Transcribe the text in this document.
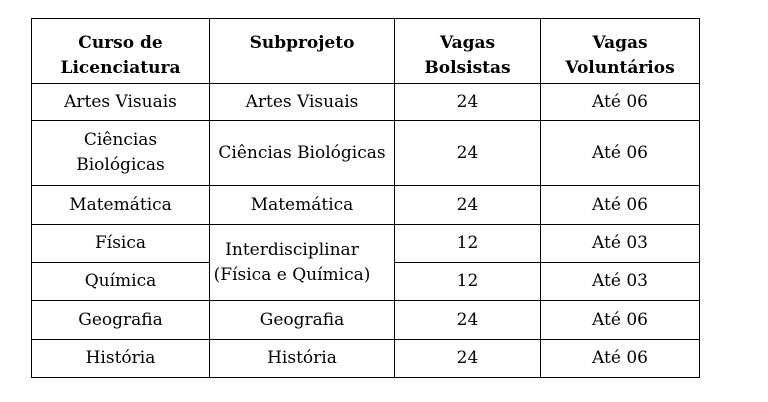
Curso de Licenciatura	Subprojeto	Vagas Bolsistas	Vagas Voluntários
Artes Visuais	Artes Visuais	24	Até 06
Ciências Biológicas	Ciências Biológicas	24	Até 06
Matemática	Matemática	24	Até 06
Física	Interdisciplinar (Física e Química)	12	Até 03
Química		12	Até 03
Geografia	Geografia	24	Até 06
História	História	24	Até 06
